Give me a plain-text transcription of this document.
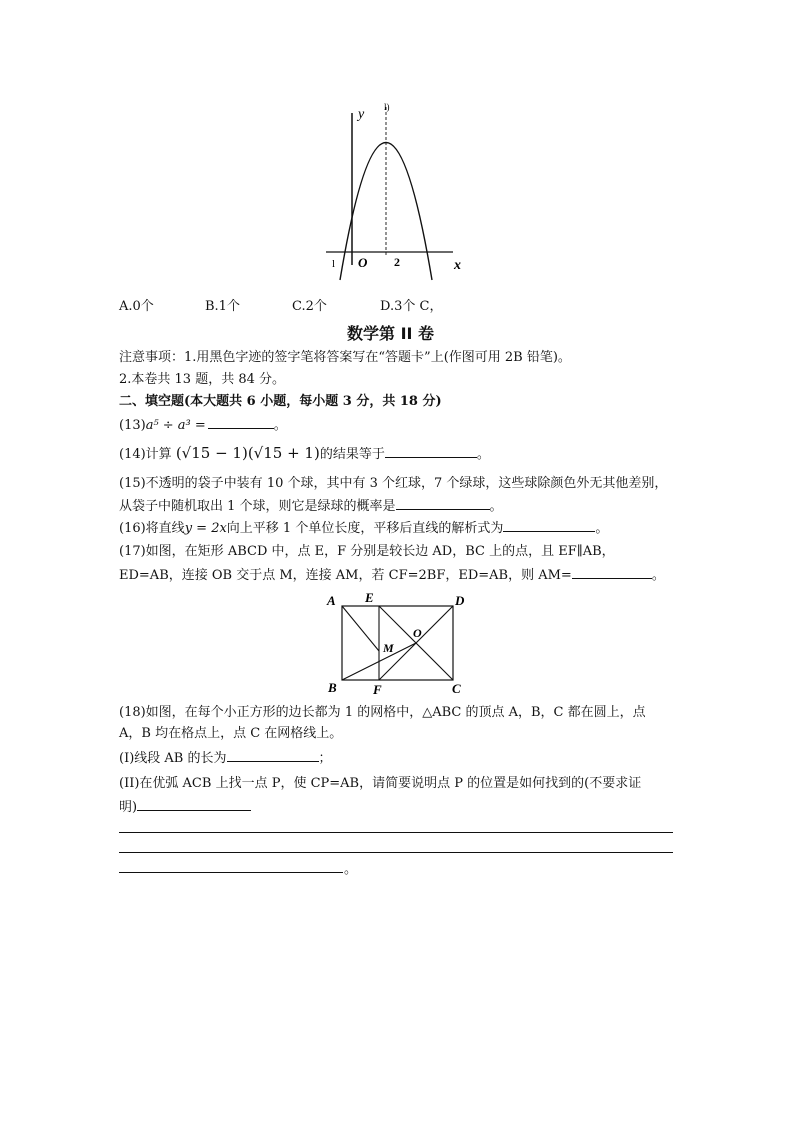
y
x
O 2
l)
l
A.0个	B.1个	C.2个	D.3个 C，
数学第 II 卷
注意事项：1.用黑色字迹的签字笔将答案写在“答题卡”上(作图可用 2B 铅笔)。
2.本卷共 13 题，共 84 分。
二、填空题(本大题共 6 小题，每小题 3 分，共 18 分)
(13)a⁵ ÷ a³ =	。
(14)计算 (√15 − 1)(√15 + 1)的结果等于	。
(15)不透明的袋子中装有 10 个球，其中有 3 个红球，7 个绿球，这些球除颜色外无其他差别，
从袋子中随机取出 1 个球，则它是绿球的概率是	。
(16)将直线y = 2x向上平移 1 个单位长度，平移后直线的解析式为	。
(17)如图，在矩形 ABCD 中，点 E，F 分别是较长边 AD，BC 上的点，且 EF∥AB，
ED=AB，连接 OB 交于点 M，连接 AM，若 CF=2BF，ED=AB，则 AM=	。
A E	D
O
M
B	F	C
(18)如图，在每个小正方形的边长都为 1 的网格中，△ABC 的顶点 A，B，C 都在圆上，点
A，B 均在格点上，点 C 在网格线上。
(I)线段 AB 的长为	；
(II)在优弧 ACB 上找一点 P，使 CP=AB，请简要说明点 P 的位置是如何找到的(不要求证
明)
。
